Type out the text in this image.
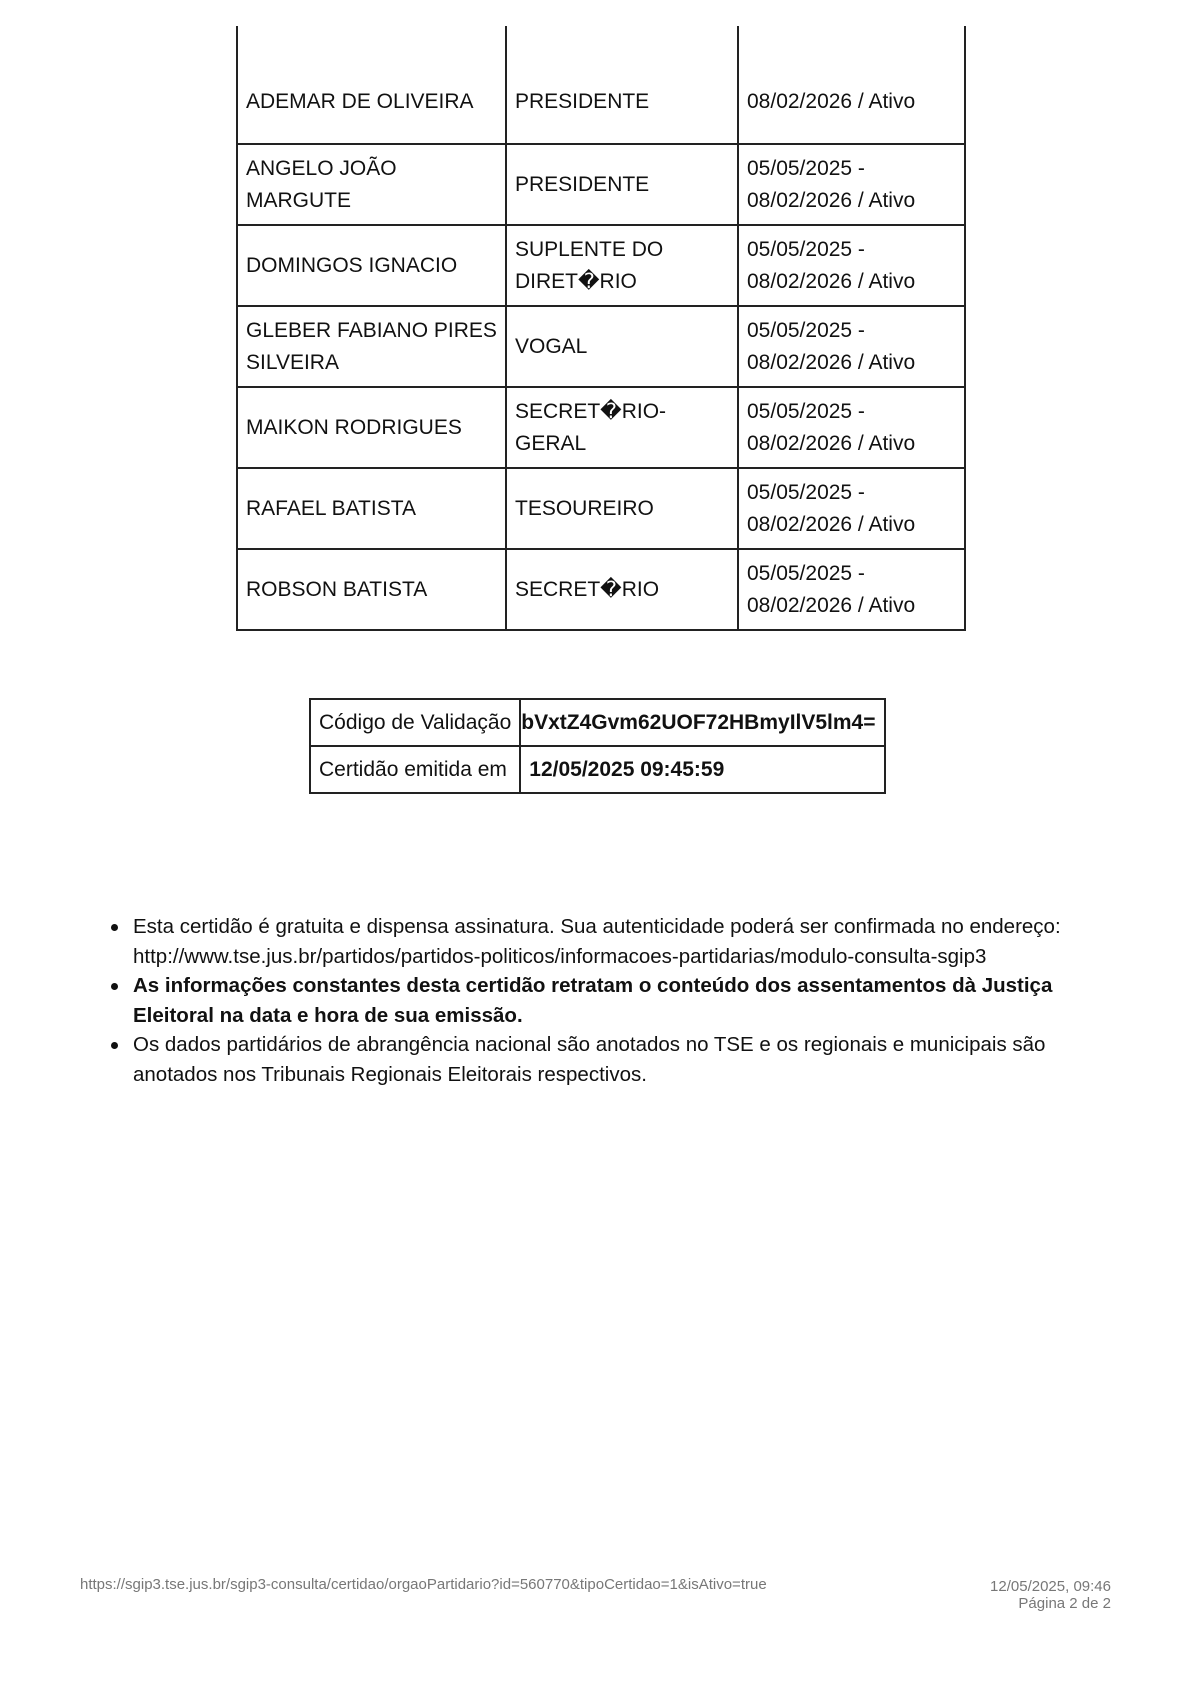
ADEMAR DE OLIVEIRA	PRESIDENTE	08/02/2026 / Ativo
ANGELO JOÃO MARGUTE	PRESIDENTE	05/05/2025 - 08/02/2026 / Ativo
DOMINGOS IGNACIO	SUPLENTE DO DIRET�RIO	05/05/2025 - 08/02/2026 / Ativo
GLEBER FABIANO PIRES SILVEIRA	VOGAL	05/05/2025 - 08/02/2026 / Ativo
MAIKON RODRIGUES	SECRET�RIO-GERAL	05/05/2025 - 08/02/2026 / Ativo
RAFAEL BATISTA	TESOUREIRO	05/05/2025 - 08/02/2026 / Ativo
ROBSON BATISTA	SECRET�RIO	05/05/2025 - 08/02/2026 / Ativo
Código de Validação	bVxtZ4Gvm62UOF72HBmyIlV5lm4=
Certidão emitida em	12/05/2025 09:45:59
Esta certidão é gratuita e dispensa assinatura. Sua autenticidade poderá ser confirmada no endereço: http://www.tse.jus.br/partidos/partidos-politicos/informacoes-partidarias/modulo-consulta-sgip3
As informações constantes desta certidão retratam o conteúdo dos assentamentos dà Justiça Eleitoral na data e hora de sua emissão.
Os dados partidários de abrangência nacional são anotados no TSE e os regionais e municipais são anotados nos Tribunais Regionais Eleitorais respectivos.
https://sgip3.tse.jus.br/sgip3-consulta/certidao/orgaoPartidario?id=560770&tipoCertidao=1&isAtivo=true	12/05/2025, 09:46
Página 2 de 2
